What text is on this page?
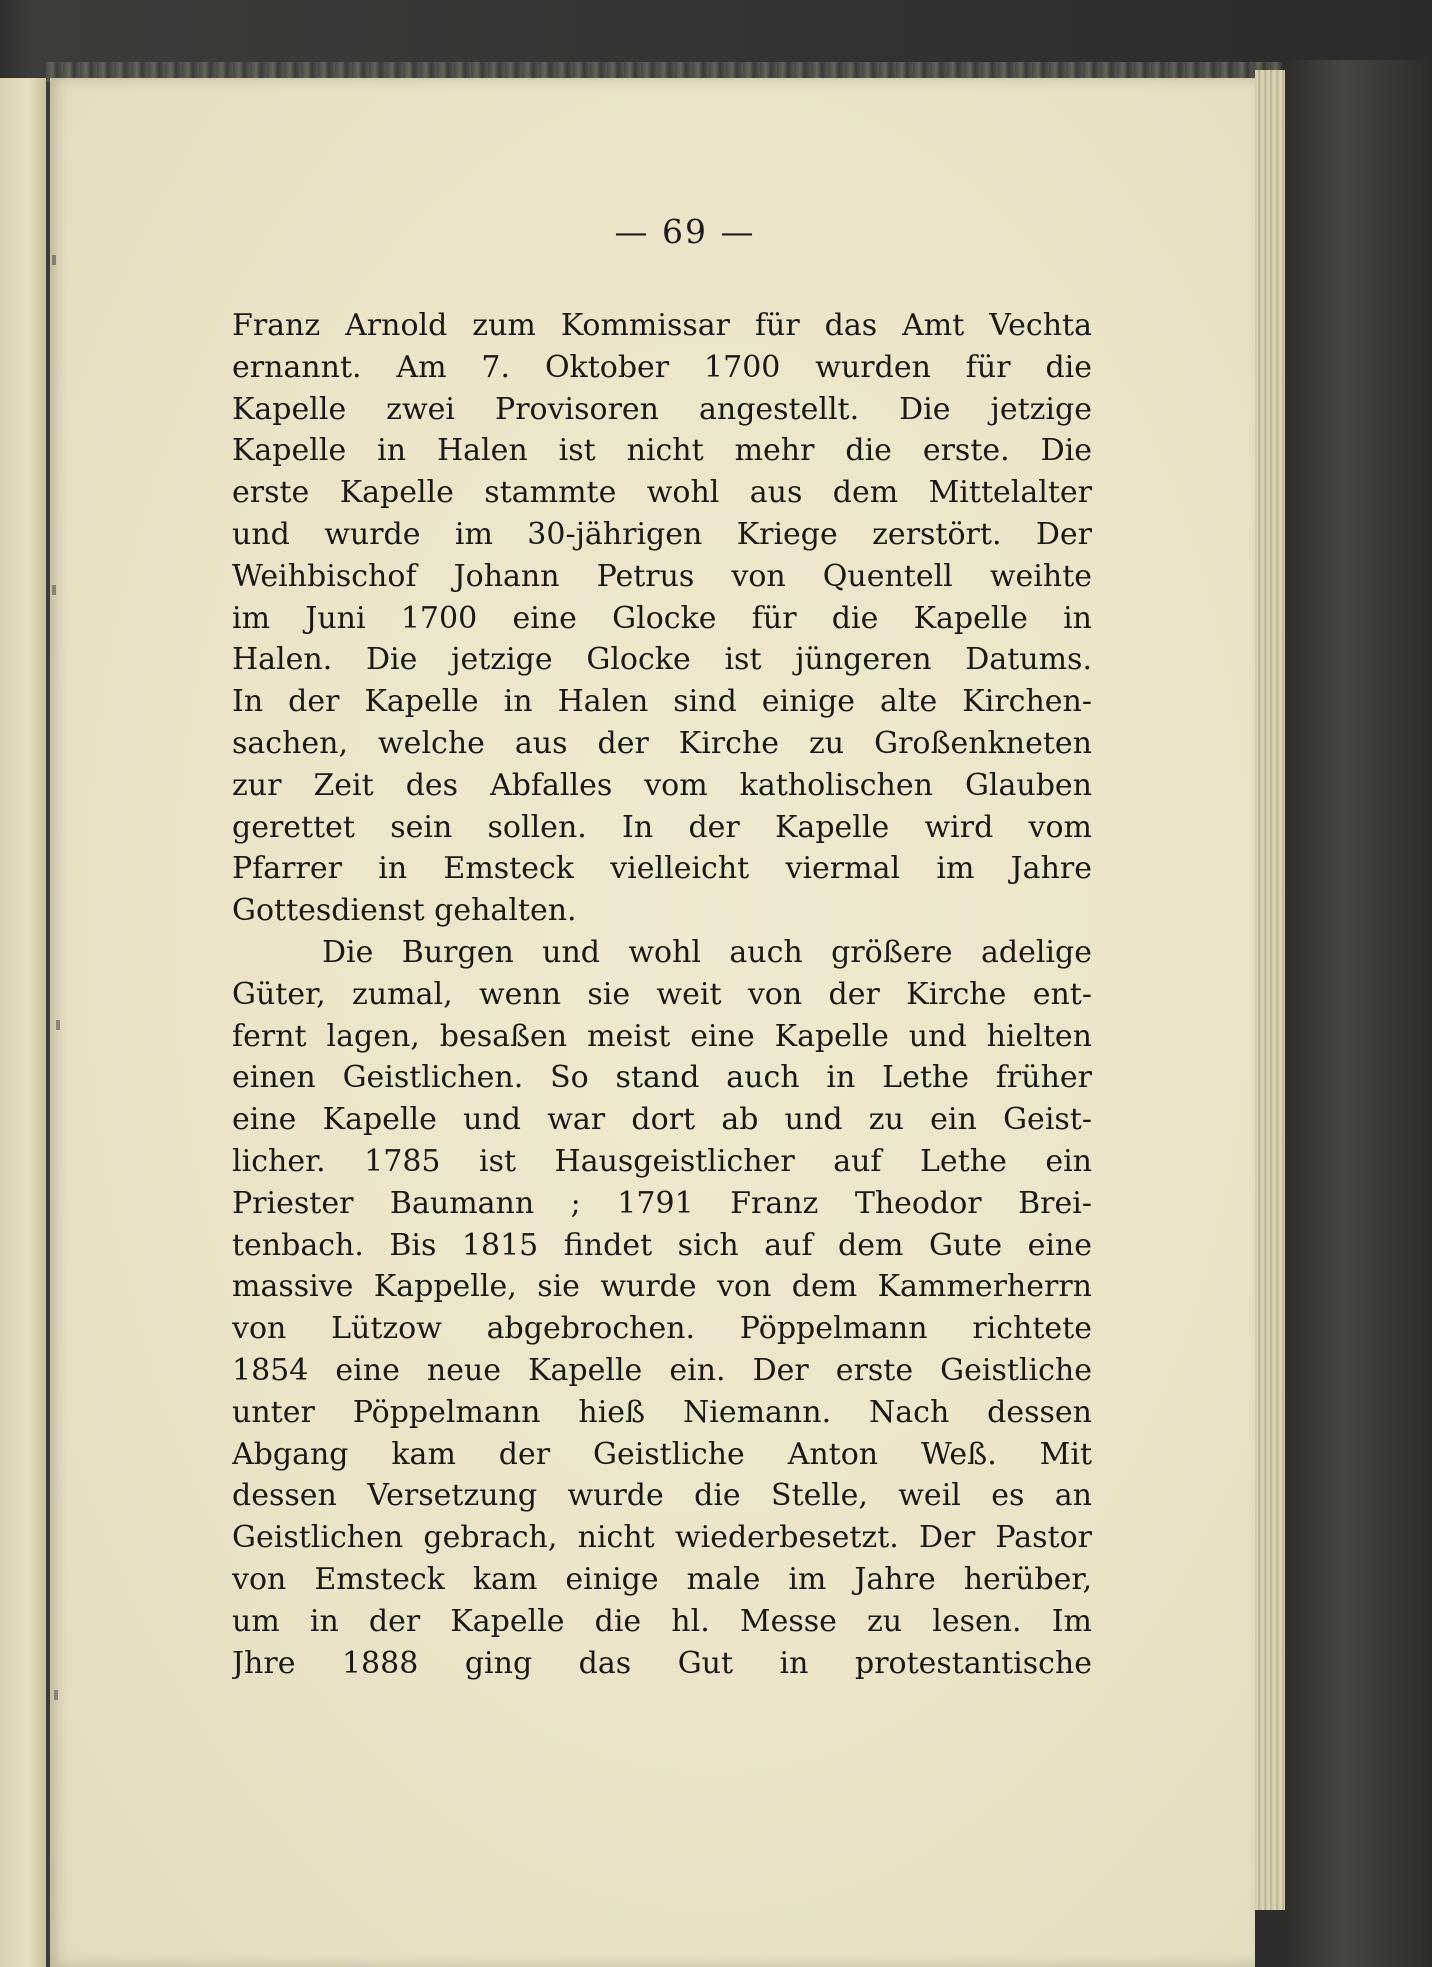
— 69 —
Franz Arnold zum Kommissar für das Amt Vechta
ernannt. Am 7. Oktober 1700 wurden für die
Kapelle zwei Provisoren angestellt. Die jetzige
Kapelle in Halen ist nicht mehr die erste. Die
erste Kapelle stammte wohl aus dem Mittelalter
und wurde im 30-jährigen Kriege zerstört. Der
Weihbischof Johann Petrus von Quentell weihte
im Juni 1700 eine Glocke für die Kapelle in
Halen. Die jetzige Glocke ist jüngeren Datums.
In der Kapelle in Halen sind einige alte Kirchen-
sachen, welche aus der Kirche zu Großenkneten
zur Zeit des Abfalles vom katholischen Glauben
gerettet sein sollen. In der Kapelle wird vom
Pfarrer in Emsteck vielleicht viermal im Jahre
Gottesdienst gehalten.
Die Burgen und wohl auch größere adelige
Güter, zumal, wenn sie weit von der Kirche ent-
fernt lagen, besaßen meist eine Kapelle und hielten
einen Geistlichen. So stand auch in Lethe früher
eine Kapelle und war dort ab und zu ein Geist-
licher. 1785 ist Hausgeistlicher auf Lethe ein
Priester Baumann ; 1791 Franz Theodor Brei-
tenbach. Bis 1815 findet sich auf dem Gute eine
massive Kappelle, sie wurde von dem Kammerherrn
von Lützow abgebrochen. Pöppelmann richtete
1854 eine neue Kapelle ein. Der erste Geistliche
unter Pöppelmann hieß Niemann. Nach dessen
Abgang kam der Geistliche Anton Weß. Mit
dessen Versetzung wurde die Stelle, weil es an
Geistlichen gebrach, nicht wiederbesetzt. Der Pastor
von Emsteck kam einige male im Jahre herüber,
um in der Kapelle die hl. Messe zu lesen. Im
Jhre 1888 ging das Gut in protestantische
